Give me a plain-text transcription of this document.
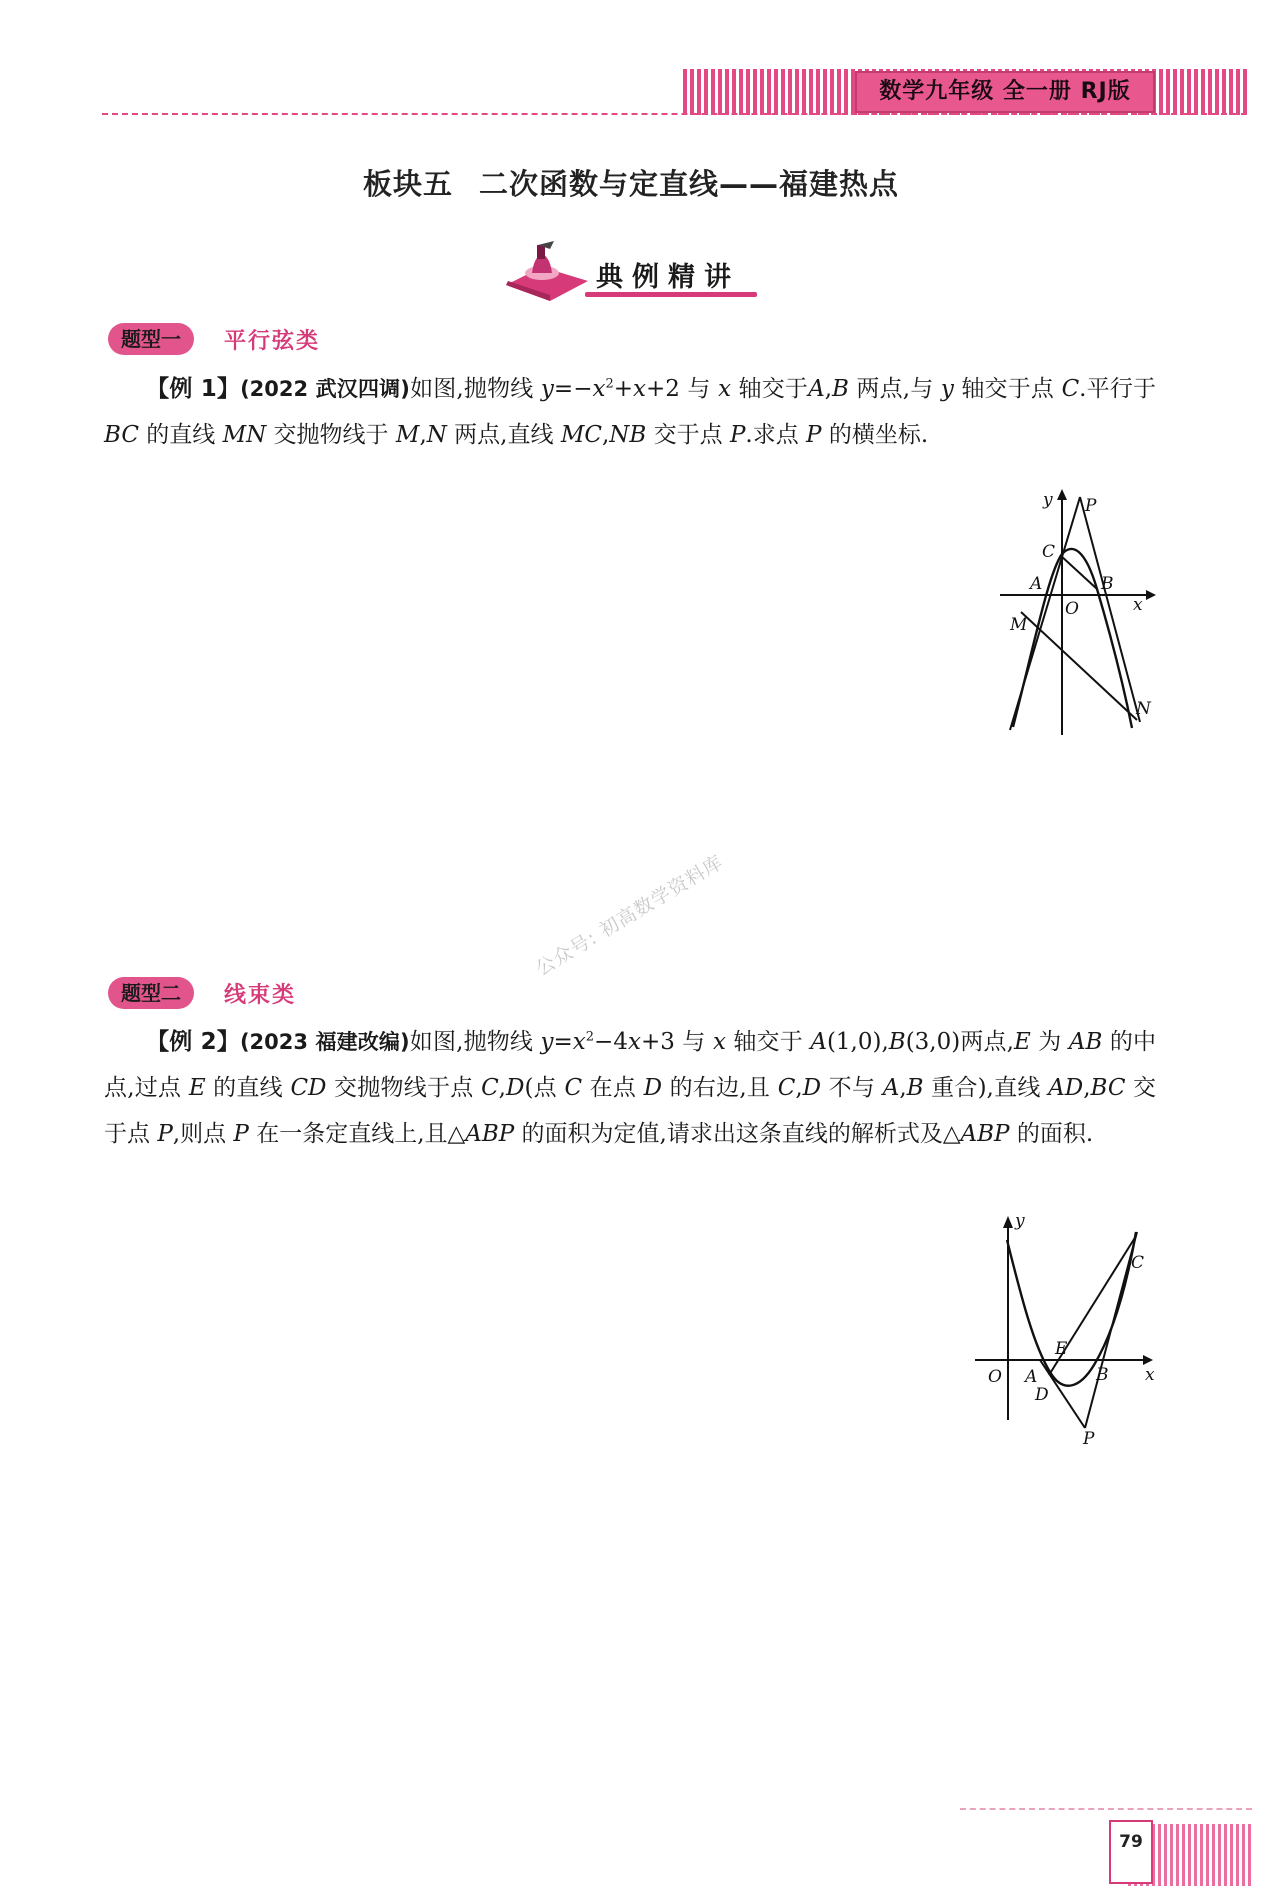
数学九年级 全一册 RJ版
板块五 二次函数与定直线——福建热点
典例精讲
题型一	平行弦类
【例 1】(2022 武汉四调)如图,抛物线 $y=-x^2+x+2$ 与 x 轴交于A,B 两点,与 y 轴交于点 C.平行于 BC 的直线 MN 交抛物线于 M,N 两点,直线 MC,NB 交于点 P.求点 P 的横坐标.
y P
C
A
O
B
x
M
N
公众号: 初高数学资料库
题型二	线束类
【例 2】(2023 福建改编)如图,抛物线 $y=x^2-4x+3$ 与 x 轴交于 A(1,0),B(3,0)两点,E 为 AB 的中点,过点 E 的直线 CD 交抛物线于点 C,D(点 C 在点 D 的右边,且 C,D 不与 A,B 重合),直线 AD,BC 交于点 P,则点 P 在一条定直线上,且△ABP 的面积为定值,请求出这条直线的解析式及△ABP 的面积.
y
C
E
O A	B x
D
P
79
